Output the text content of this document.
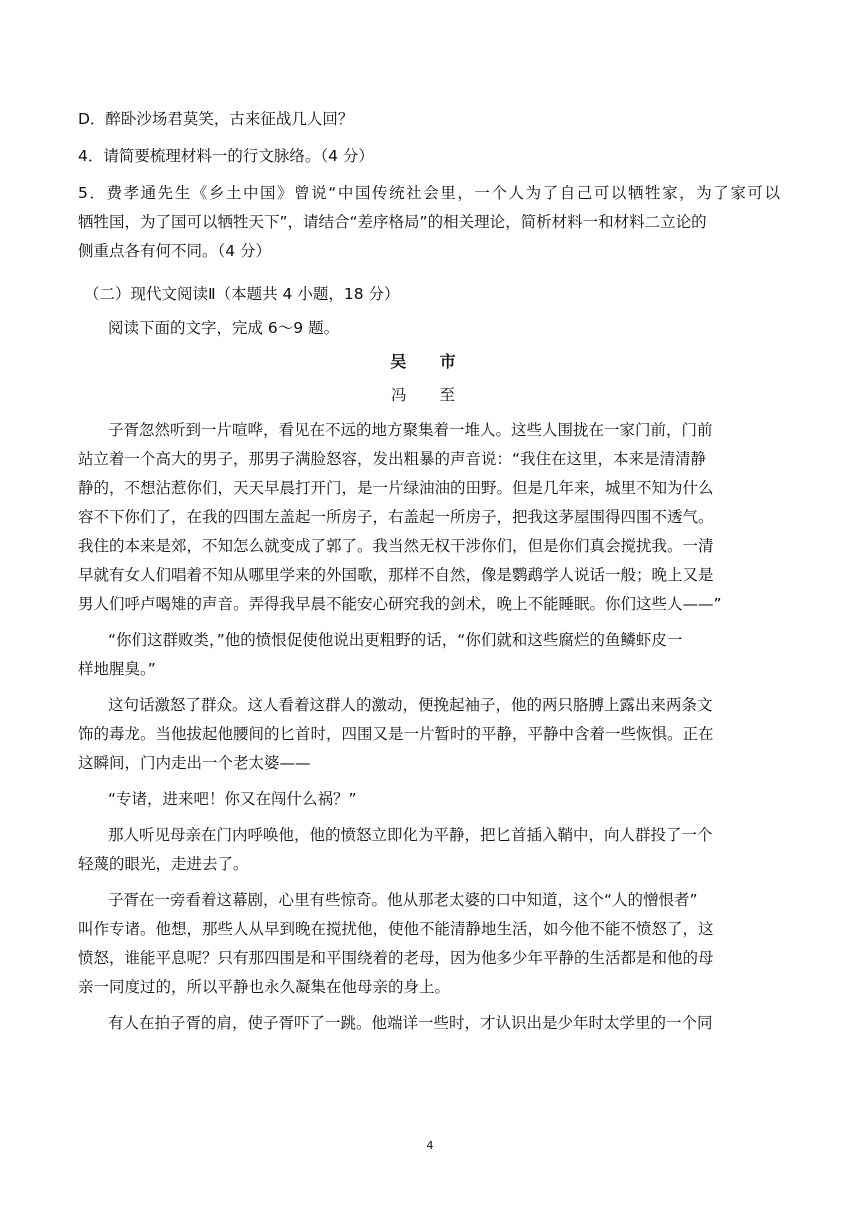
D．醉卧沙场君莫笑，古来征战几人回？
4．请简要梳理材料一的行文脉络。（4 分）
5．费孝通先生《乡土中国》曾说“中国传统社会里，一个人为了自己可以牺牲家，为了家可以
牺牲国，为了国可以牺牲天下”，请结合“差序格局”的相关理论，简析材料一和材料二立论的
侧重点各有何不同。（4 分）
（二）现代文阅读Ⅱ（本题共 4 小题，18 分）
阅读下面的文字，完成 6～9 题。
吴 市
冯 至
子胥忽然听到一片喧哗，看见在不远的地方聚集着一堆人。这些人围拢在一家门前，门前
站立着一个高大的男子，那男子满脸怒容，发出粗暴的声音说：“我住在这里，本来是清清静
静的，不想沾惹你们，天天早晨打开门，是一片绿油油的田野。但是几年来，城里不知为什么
容不下你们了，在我的四围左盖起一所房子，右盖起一所房子，把我这茅屋围得四围不透气。
我住的本来是郊，不知怎么就变成了郭了。我当然无权干涉你们，但是你们真会搅扰我。一清
早就有女人们唱着不知从哪里学来的外国歌，那样不自然，像是鹦鹉学人说话一般；晚上又是
男人们呼卢喝雉的声音。弄得我早晨不能安心研究我的剑术，晚上不能睡眠。你们这些人——”
“你们这群败类，”他的愤恨促使他说出更粗野的话，“你们就和这些腐烂的鱼鳞虾皮一
样地腥臭。”
这句话激怒了群众。这人看着这群人的激动，便挽起袖子，他的两只胳膊上露出来两条文
饰的毒龙。当他拔起他腰间的匕首时，四围又是一片暂时的平静，平静中含着一些恢惧。正在
这瞬间，门内走出一个老太婆——
“专诸，进来吧！你又在闯什么祸？”
那人听见母亲在门内呼唤他，他的愤怒立即化为平静，把匕首插入鞘中，向人群投了一个
轻蔑的眼光，走进去了。
子胥在一旁看着这幕剧，心里有些惊奇。他从那老太婆的口中知道，这个“人的憎恨者”
叫作专诸。他想，那些人从早到晚在搅扰他，使他不能清静地生活，如今他不能不愤怒了，这
愤怒，谁能平息呢？只有那四围是和平围绕着的老母，因为他多少年平静的生活都是和他的母
亲一同度过的，所以平静也永久凝集在他母亲的身上。
有人在拍子胥的肩，使子胥吓了一跳。他端详一些时，才认识出是少年时太学里的一个同
4
